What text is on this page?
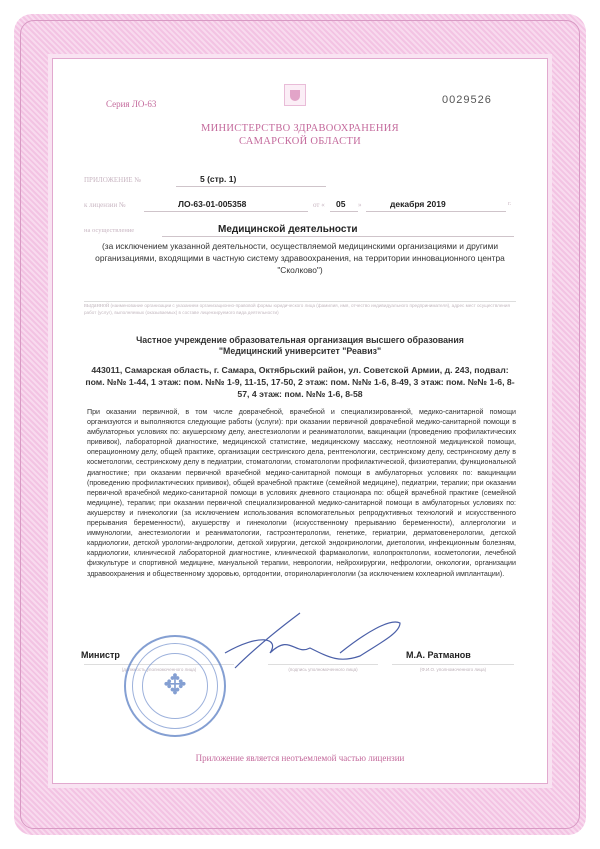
Серия ЛО-63	0029526
МИНИСТЕРСТВО ЗДРАВООХРАНЕНИЯ
САМАРСКОЙ ОБЛАСТИ
ПРИЛОЖЕНИЕ №	5 (стр. 1)
к лицензии №	ЛО-63-01-005358	от « 05 »	декабря 2019	г.
на осуществление	Медицинской деятельности
(за исключением указанной деятельности, осуществляемой медицинскими организациями и другими организациями, входящими в частную систему здравоохранения, на территории инновационного центра "Сколково")
выданной (наименование организации с указанием организационно-правовой формы юридического лица (фамилия, имя, отчество индивидуального предпринимателя), адрес мест осуществления работ (услуг), выполняемых (оказываемых) в составе лицензируемого вида деятельности)
Частное учреждение образовательная организация высшего образования
"Медицинский университет "Реавиз"
443011, Самарская область, г. Самара, Октябрьский район, ул. Советской Армии, д. 243, подвал: пом. №№ 1-44, 1 этаж: пом. №№ 1-9, 11-15, 17-50, 2 этаж: пом. №№ 1-6, 8-49, 3 этаж: пом. №№ 1-6, 8-57, 4 этаж: пом. №№ 1-6, 8-58
При оказании первичной, в том числе доврачебной, врачебной и специализированной, медико-санитарной помощи организуются и выполняются следующие работы (услуги): при оказании первичной доврачебной медико-санитарной помощи в амбулаторных условиях по: акушерскому делу, анестезиологии и реаниматологии, вакцинации (проведению профилактических прививок), лабораторной диагностике, медицинской статистике, медицинскому массажу, неотложной медицинской помощи, операционному делу, общей практике, организации сестринского дела, рентгенологии, сестринскому делу, сестринскому делу в косметологии, сестринскому делу в педиатрии, стоматологии, стоматологии профилактической, физиотерапии, функциональной диагностике; при оказании первичной врачебной медико-санитарной помощи в амбулаторных условиях по: вакцинации (проведению профилактических прививок), общей врачебной практике (семейной медицине), педиатрии, терапии; при оказании первичной врачебной медико-санитарной помощи в условиях дневного стационара по: общей врачебной практике (семейной медицине), терапии; при оказании первичной специализированной медико-санитарной помощи в амбулаторных условиях по: акушерству и гинекологии (за исключением использования вспомогательных репродуктивных технологий и искусственного прерывания беременности), акушерству и гинекологии (искусственному прерыванию беременности), аллергологии и иммунологии, анестезиологии и реаниматологии, гастроэнтерологии, генетике, гериатрии, дерматовенерологии, детской кардиологии, детской урологии-андрологии, детской хирургии, детской эндокринологии, диетологии, инфекционным болезням, кардиологии, клинической лабораторной диагностике, клинической фармакологии, колопроктологии, косметологии, лечебной физкультуре и спортивной медицине, мануальной терапии, неврологии, нейрохирургии, нефрологии, онкологии, организации здравоохранения и общественному здоровью, ортодонтии, оториноларингологии (за исключением кохлеарной имплантации).
Министр
(должность уполномоченного лица)	(подпись уполномоченного лица)
М.А. Ратманов
(Ф.И.О. уполномоченного лица)
✥
Приложение является неотъемлемой частью лицензии
